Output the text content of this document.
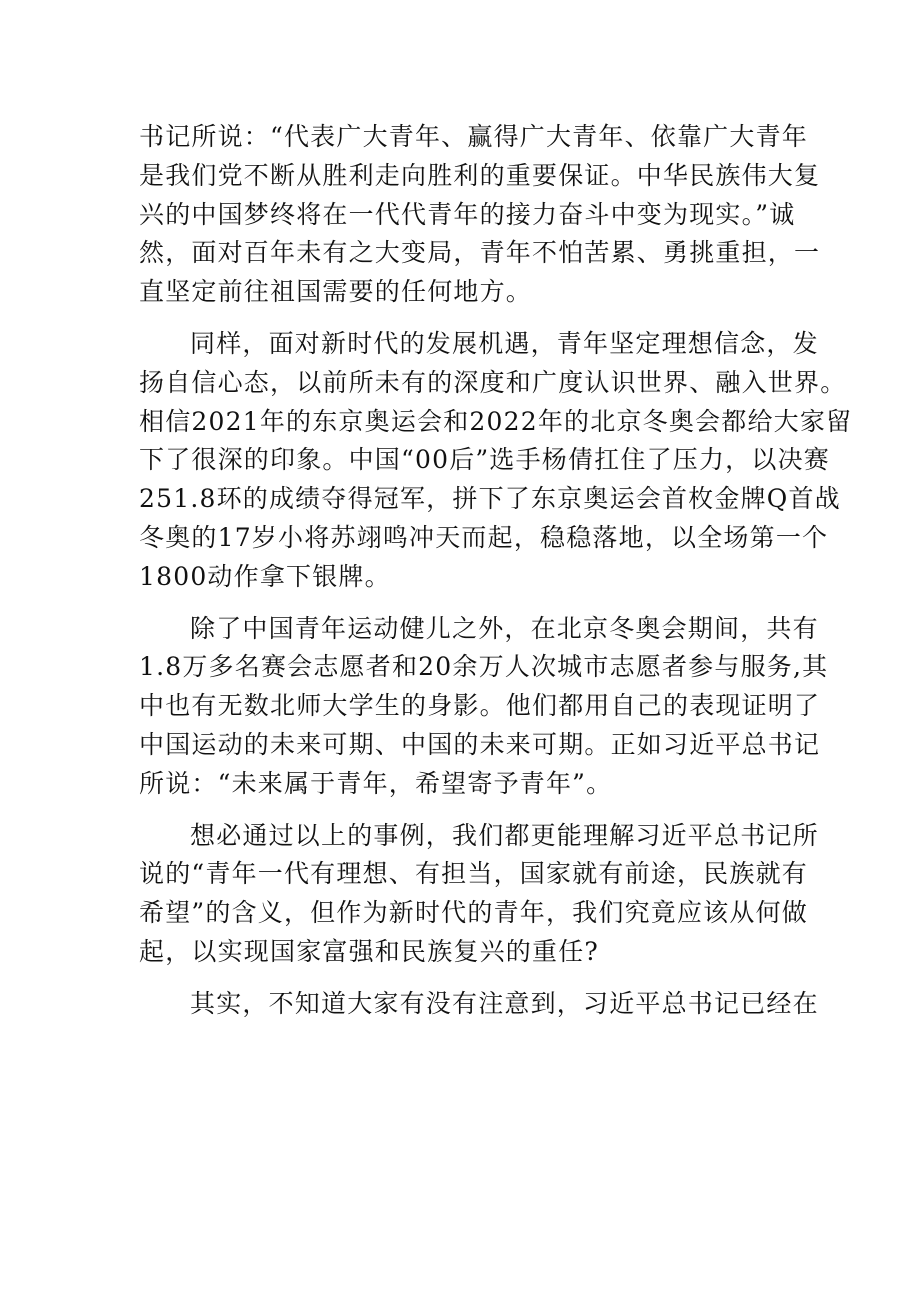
书记所说：“代表广大青年、赢得广大青年、依靠广大青年
是我们党不断从胜利走向胜利的重要保证。中华民族伟大复
兴的中国梦终将在一代代青年的接力奋斗中变为现实。”诚
然，面对百年未有之大变局，青年不怕苦累、勇挑重担，一
直坚定前往祖国需要的任何地方。

同样，面对新时代的发展机遇，青年坚定理想信念，发
扬自信心态，以前所未有的深度和广度认识世界、融入世界。
相信2021年的东京奥运会和2022年的北京冬奥会都给大家留
下了很深的印象。中国“00后”选手杨倩扛住了压力，以决赛
251.8环的成绩夺得冠军，拼下了东京奥运会首枚金牌Q首战
冬奥的17岁小将苏翊鸣冲天而起，稳稳落地，以全场第一个
1800动作拿下银牌。

除了中国青年运动健儿之外，在北京冬奥会期间，共有
1.8万多名赛会志愿者和20余万人次城市志愿者参与服务,其
中也有无数北师大学生的身影。他们都用自己的表现证明了
中国运动的未来可期、中国的未来可期。正如习近平总书记
所说：“未来属于青年，希望寄予青年”。

想必通过以上的事例，我们都更能理解习近平总书记所
说的“青年一代有理想、有担当，国家就有前途，民族就有
希望”的含义，但作为新时代的青年，我们究竟应该从何做
起，以实现国家富强和民族复兴的重任?

其实，不知道大家有没有注意到，习近平总书记已经在
